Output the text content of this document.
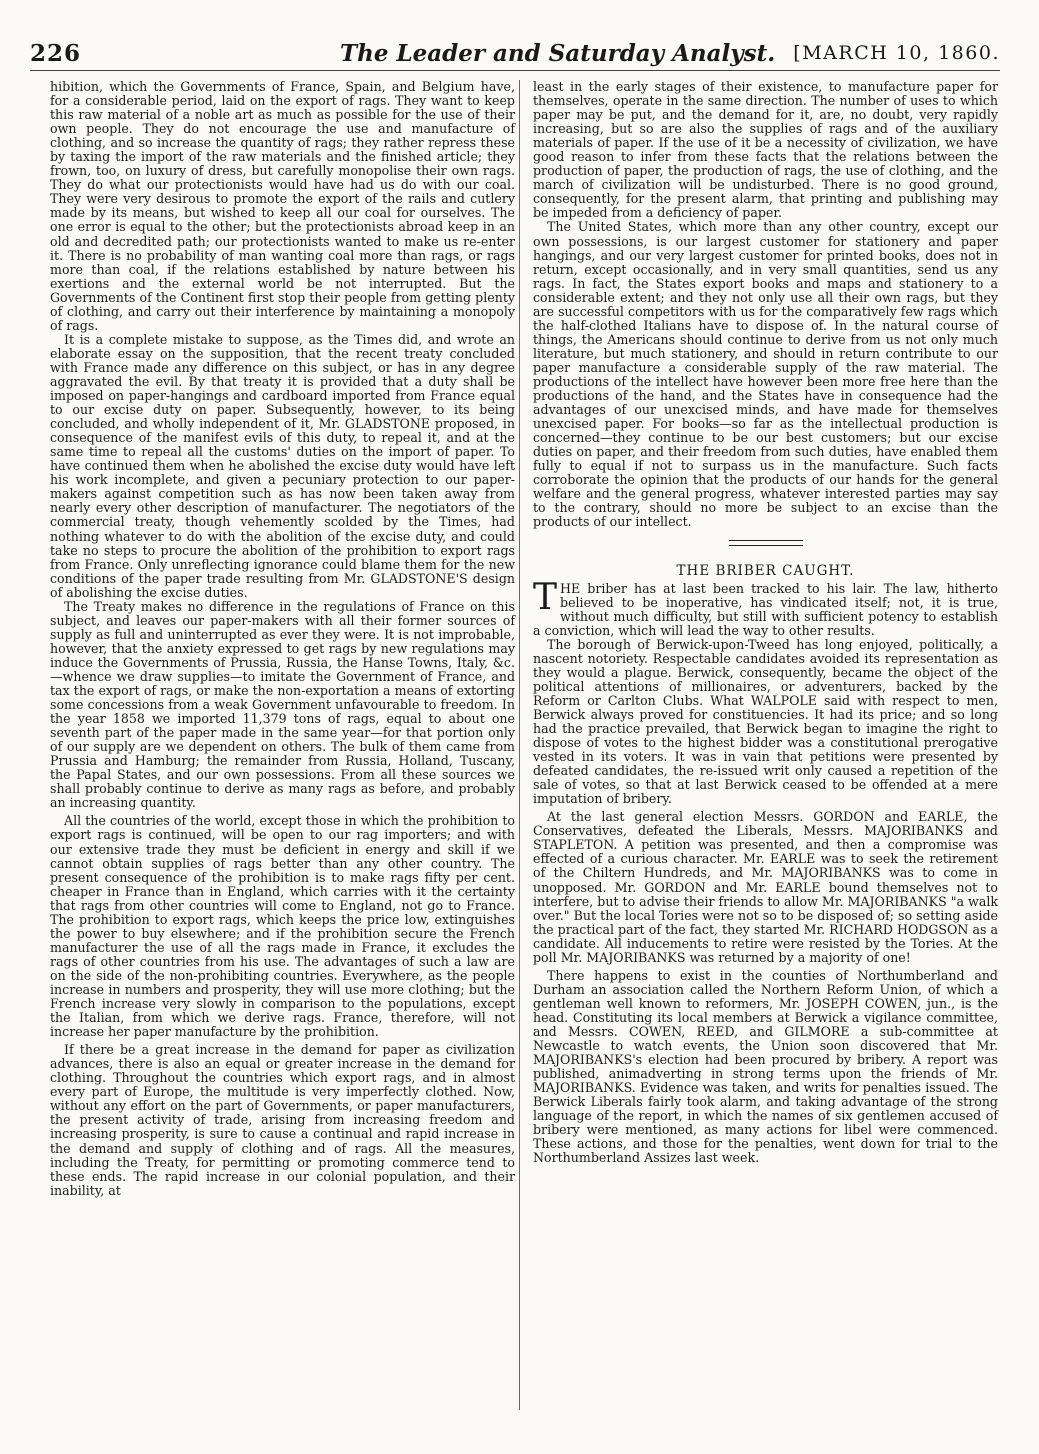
226	The Leader and Saturday Analyst. [MARCH 10, 1860.

hibition, which the Governments of France, Spain, and Belgium have, for a considerable period, laid on the export of rags. They want to keep this raw material of a noble art as much as possible for the use of their own people. They do not encourage the use and manufacture of clothing, and so increase the quantity of rags; they rather repress these by taxing the import of the raw materials and the finished article; they frown, too, on luxury of dress, but carefully monopolise their own rags. They do what our protectionists would have had us do with our coal. They were very desirous to promote the export of the rails and cutlery made by its means, but wished to keep all our coal for ourselves. The one error is equal to the other; but the protectionists abroad keep in an old and decredited path; our protectionists wanted to make us re-enter it. There is no probability of man wanting coal more than rags, or rags more than coal, if the relations established by nature between his exertions and the external world be not interrupted. But the Governments of the Continent first stop their people from getting plenty of clothing, and carry out their interference by maintaining a monopoly of rags.

It is a complete mistake to suppose, as the Times did, and wrote an elaborate essay on the supposition, that the recent treaty concluded with France made any difference on this subject, or has in any degree aggravated the evil. By that treaty it is provided that a duty shall be imposed on paper-hangings and cardboard imported from France equal to our excise duty on paper. Subsequently, however, to its being concluded, and wholly independent of it, Mr. GLADSTONE proposed, in consequence of the manifest evils of this duty, to repeal it, and at the same time to repeal all the customs' duties on the import of paper. To have continued them when he abolished the excise duty would have left his work incomplete, and given a pecuniary protection to our paper-makers against competition such as has now been taken away from nearly every other description of manufacturer. The negotiators of the commercial treaty, though vehemently scolded by the Times, had nothing whatever to do with the abolition of the excise duty, and could take no steps to procure the abolition of the prohibition to export rags from France. Only unreflecting ignorance could blame them for the new conditions of the paper trade resulting from Mr. GLADSTONE'S design of abolishing the excise duties.

The Treaty makes no difference in the regulations of France on this subject, and leaves our paper-makers with all their former sources of supply as full and uninterrupted as ever they were. It is not improbable, however, that the anxiety expressed to get rags by new regulations may induce the Governments of Prussia, Russia, the Hanse Towns, Italy, &c.—whence we draw supplies—to imitate the Government of France, and tax the export of rags, or make the non-exportation a means of extorting some concessions from a weak Government unfavourable to freedom. In the year 1858 we imported 11,379 tons of rags, equal to about one seventh part of the paper made in the same year—for that portion only of our supply are we dependent on others. The bulk of them came from Prussia and Hamburg; the remainder from Russia, Holland, Tuscany, the Papal States, and our own possessions. From all these sources we shall probably continue to derive as many rags as before, and probably an increasing quantity.

All the countries of the world, except those in which the prohibition to export rags is continued, will be open to our rag importers; and with our extensive trade they must be deficient in energy and skill if we cannot obtain supplies of rags better than any other country. The present consequence of the prohibition is to make rags fifty per cent. cheaper in France than in England, which carries with it the certainty that rags from other countries will come to England, not go to France. The prohibition to export rags, which keeps the price low, extinguishes the power to buy elsewhere; and if the prohibition secure the French manufacturer the use of all the rags made in France, it excludes the rags of other countries from his use. The advantages of such a law are on the side of the non-prohibiting countries. Everywhere, as the people increase in numbers and prosperity, they will use more clothing; but the French increase very slowly in comparison to the populations, except the Italian, from which we derive rags. France, therefore, will not increase her paper manufacture by the prohibition.

If there be a great increase in the demand for paper as civilization advances, there is also an equal or greater increase in the demand for clothing. Throughout the countries which export rags, and in almost every part of Europe, the multitude is very imperfectly clothed. Now, without any effort on the part of Governments, or paper manufacturers, the present activity of trade, arising from increasing freedom and increasing prosperity, is sure to cause a continual and rapid increase in the demand and supply of clothing and of rags. All the measures, including the Treaty, for permitting or promoting commerce tend to these ends. The rapid increase in our colonial population, and their inability, at

least in the early stages of their existence, to manufacture paper for themselves, operate in the same direction. The number of uses to which paper may be put, and the demand for it, are, no doubt, very rapidly increasing, but so are also the supplies of rags and of the auxiliary materials of paper. If the use of it be a necessity of civilization, we have good reason to infer from these facts that the relations between the production of paper, the production of rags, the use of clothing, and the march of civilization will be undisturbed. There is no good ground, consequently, for the present alarm, that printing and publishing may be impeded from a deficiency of paper.

The United States, which more than any other country, except our own possessions, is our largest customer for stationery and paper hangings, and our very largest customer for printed books, does not in return, except occasionally, and in very small quantities, send us any rags. In fact, the States export books and maps and stationery to a considerable extent; and they not only use all their own rags, but they are successful competitors with us for the comparatively few rags which the half-clothed Italians have to dispose of. In the natural course of things, the Americans should continue to derive from us not only much literature, but much stationery, and should in return contribute to our paper manufacture a considerable supply of the raw material. The productions of the intellect have however been more free here than the productions of the hand, and the States have in consequence had the advantages of our unexcised minds, and have made for themselves unexcised paper. For books—so far as the intellectual production is concerned—they continue to be our best customers; but our excise duties on paper, and their freedom from such duties, have enabled them fully to equal if not to surpass us in the manufacture. Such facts corroborate the opinion that the products of our hands for the general welfare and the general progress, whatever interested parties may say to the contrary, should no more be subject to an excise than the products of our intellect.

THE BRIBER CAUGHT.

THE briber has at last been tracked to his lair. The law, hitherto believed to be inoperative, has vindicated itself; not, it is true, without much difficulty, but still with sufficient potency to establish a conviction, which will lead the way to other results.

The borough of Berwick-upon-Tweed has long enjoyed, politically, a nascent notoriety. Respectable candidates avoided its representation as they would a plague. Berwick, consequently, became the object of the political attentions of millionaires, or adventurers, backed by the Reform or Carlton Clubs. What WALPOLE said with respect to men, Berwick always proved for constituencies. It had its price; and so long had the practice prevailed, that Berwick began to imagine the right to dispose of votes to the highest bidder was a constitutional prerogative vested in its voters. It was in vain that petitions were presented by defeated candidates, the re-issued writ only caused a repetition of the sale of votes, so that at last Berwick ceased to be offended at a mere imputation of bribery.

At the last general election Messrs. GORDON and EARLE, the Conservatives, defeated the Liberals, Messrs. MAJORIBANKS and STAPLETON. A petition was presented, and then a compromise was effected of a curious character. Mr. EARLE was to seek the retirement of the Chiltern Hundreds, and Mr. MAJORIBANKS was to come in unopposed. Mr. GORDON and Mr. EARLE bound themselves not to interfere, but to advise their friends to allow Mr. MAJORIBANKS "a walk over." But the local Tories were not so to be disposed of; so setting aside the practical part of the fact, they started Mr. RICHARD HODGSON as a candidate. All inducements to retire were resisted by the Tories. At the poll Mr. MAJORIBANKS was returned by a majority of one!

There happens to exist in the counties of Northumberland and Durham an association called the Northern Reform Union, of which a gentleman well known to reformers, Mr. JOSEPH COWEN, jun., is the head. Constituting its local members at Berwick a vigilance committee, and Messrs. COWEN, REED, and GILMORE a sub-committee at Newcastle to watch events, the Union soon discovered that Mr. MAJORIBANKS's election had been procured by bribery. A report was published, animadverting in strong terms upon the friends of Mr. MAJORIBANKS. Evidence was taken, and writs for penalties issued. The Berwick Liberals fairly took alarm, and taking advantage of the strong language of the report, in which the names of six gentlemen accused of bribery were mentioned, as many actions for libel were commenced. These actions, and those for the penalties, went down for trial to the Northumberland Assizes last week.
